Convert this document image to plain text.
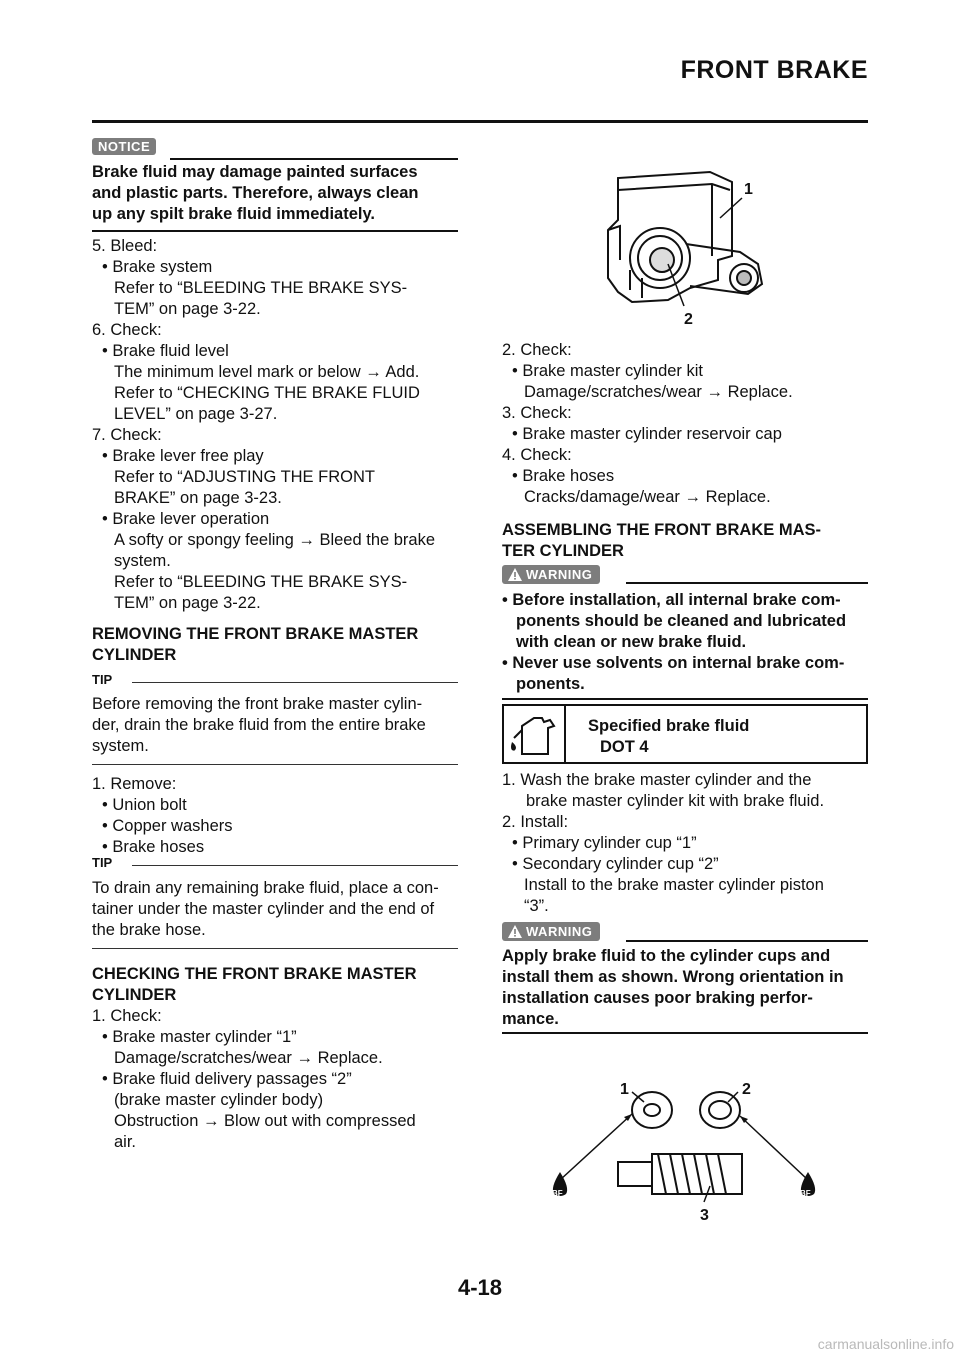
FRONT BRAKE
NOTICE

Brake fluid may damage painted surfaces

and plastic parts. Therefore, always clean

up any spilt brake fluid immediately.

5. Bleed:

• Brake system

Refer to “BLEEDING THE BRAKE SYS-

TEM” on page 3-22.

6. Check:

• Brake fluid level

The minimum level mark or below → Add.

Refer to “CHECKING THE BRAKE FLUID

LEVEL” on page 3-27.

7. Check:

• Brake lever free play

Refer to “ADJUSTING THE FRONT

BRAKE” on page 3-23.

• Brake lever operation

A softy or spongy feeling → Bleed the brake

system.

Refer to “BLEEDING THE BRAKE SYS-

TEM” on page 3-22.

REMOVING THE FRONT BRAKE MASTER

CYLINDER

TIP

Before removing the front brake master cylin-

der, drain the brake fluid from the entire brake

system.

1. Remove:

• Union bolt

• Copper washers

• Brake hoses

TIP

To drain any remaining brake fluid, place a con-

tainer under the master cylinder and the end of

the brake hose.

CHECKING THE FRONT BRAKE MASTER

CYLINDER

1. Check:

• Brake master cylinder “1”

Damage/scratches/wear → Replace.

• Brake fluid delivery passages “2”

(brake master cylinder body)

Obstruction → Blow out with compressed

air.

1
2

2. Check:

• Brake master cylinder kit

Damage/scratches/wear → Replace.

3. Check:

• Brake master cylinder reservoir cap

4. Check:

• Brake hoses

Cracks/damage/wear → Replace.

ASSEMBLING THE FRONT BRAKE MAS-

TER CYLINDER

WARNING

• Before installation, all internal brake com-

ponents should be cleaned and lubricated

with clean or new brake fluid.

• Never use solvents on internal brake com-

ponents.

Specified brake fluid

DOT 4

1. Wash the brake master cylinder and the

brake master cylinder kit with brake fluid.

2. Install:

• Primary cylinder cup “1”

• Secondary cylinder cup “2”

Install to the brake master cylinder piston

“3”.

WARNING

Apply brake fluid to the cylinder cups and

install them as shown. Wrong orientation in

installation causes poor braking perfor-

mance.

BF	BF
1	2
3
4-18
carmanualsonline.info
